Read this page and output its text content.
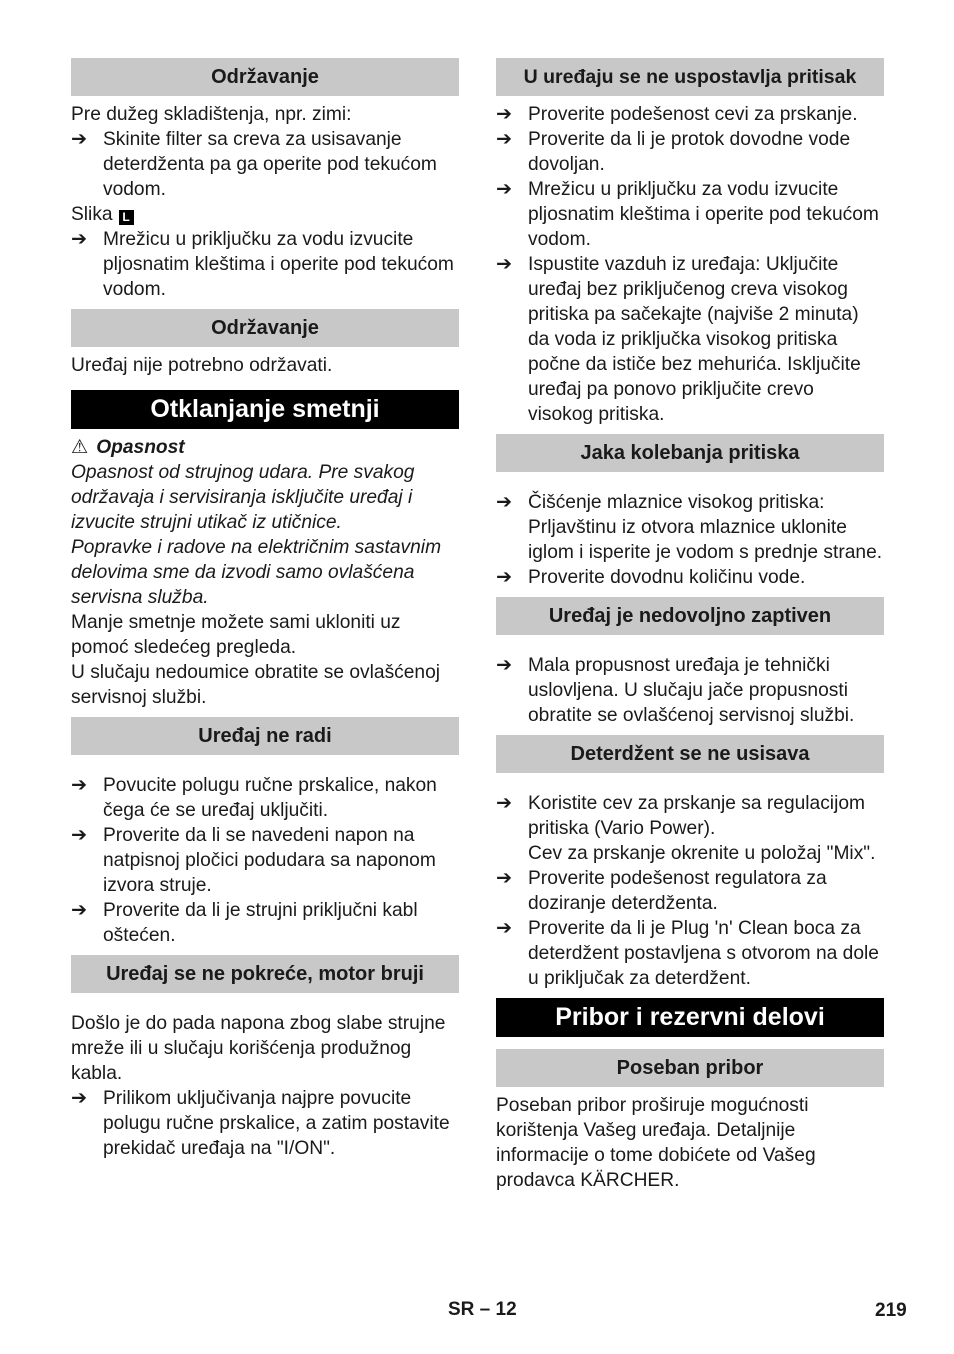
Održavanje

Pre dužeg skladištenja, npr. zimi:

➔ Skinite filter sa creva za usisavanje deterdženta pa ga operite pod tekućom vodom.

Slika L

➔ Mrežicu u priključku za vodu izvucite pljosnatim kleštima i operite pod tekućom vodom.
Održavanje

Uređaj nije potrebno održavati.

Otklanjanje smetnji

⚠ Opasnost

Opasnost od strujnog udara. Pre svakog održavaja i servisiranja isključite uređaj i izvucite strujni utikač iz utičnice.

Popravke i radove na električnim sastavnim delovima sme da izvodi samo ovlašćena servisna služba.

Manje smetnje možete sami ukloniti uz pomoć sledećeg pregleda.

U slučaju nedoumice obratite se ovlašćenoj servisnoj službi.

Uređaj ne radi
➔ Povucite polugu ručne prskalice, nakon čega će se uređaj uključiti.
➔ Proverite da li se navedeni napon na natpisnoj pločici podudara sa naponom izvora struje.
➔ Proverite da li je strujni priključni kabl oštećen.
Uređaj se ne pokreće, motor bruji

Došlo je do pada napona zbog slabe strujne mreže ili u slučaju korišćenja produžnog kabla.

➔ Prilikom uključivanja najpre povucite polugu ručne prskalice, a zatim postavite prekidač uređaja na "I/ON".
U uređaju se ne uspostavlja pritisak
➔ Proverite podešenost cevi za prskanje.
➔ Proverite da li je protok dovodne vode dovoljan.
➔ Mrežicu u priključku za vodu izvucite pljosnatim kleštima i operite pod tekućom vodom.
➔ Ispustite vazduh iz uređaja: Uključite uređaj bez priključenog creva visokog pritiska pa sačekajte (najviše 2 minuta) da voda iz priključka visokog pritiska počne da ističe bez mehurića. Isključite uređaj pa ponovo priključite crevo visokog pritiska.
Jaka kolebanja pritiska
➔ Čišćenje mlaznice visokog pritiska: Prljavštinu iz otvora mlaznice uklonite iglom i isperite je vodom s prednje strane.
➔ Proverite dovodnu količinu vode.
Uređaj je nedovoljno zaptiven
➔ Mala propusnost uređaja je tehnički uslovljena. U slučaju jače propusnosti obratite se ovlašćenoj servisnoj službi.
Deterdžent se ne usisava
➔ Koristite cev za prskanje sa regulacijom pritiska (Vario Power).

Cev za prskanje okrenite u položaj "Mix".

➔ Proverite podešenost regulatora za doziranje deterdženta.
➔ Proverite da li je Plug 'n' Clean boca za deterdžent postavljena s otvorom na dole u priključak za deterdžent.
Pribor i rezervni delovi
Poseban pribor

Poseban pribor proširuje mogućnosti korištenja Vašeg uređaja. Detaljnije informacije o tome dobićete od Vašeg prodavca KÄRCHER.

SR – 12	219
